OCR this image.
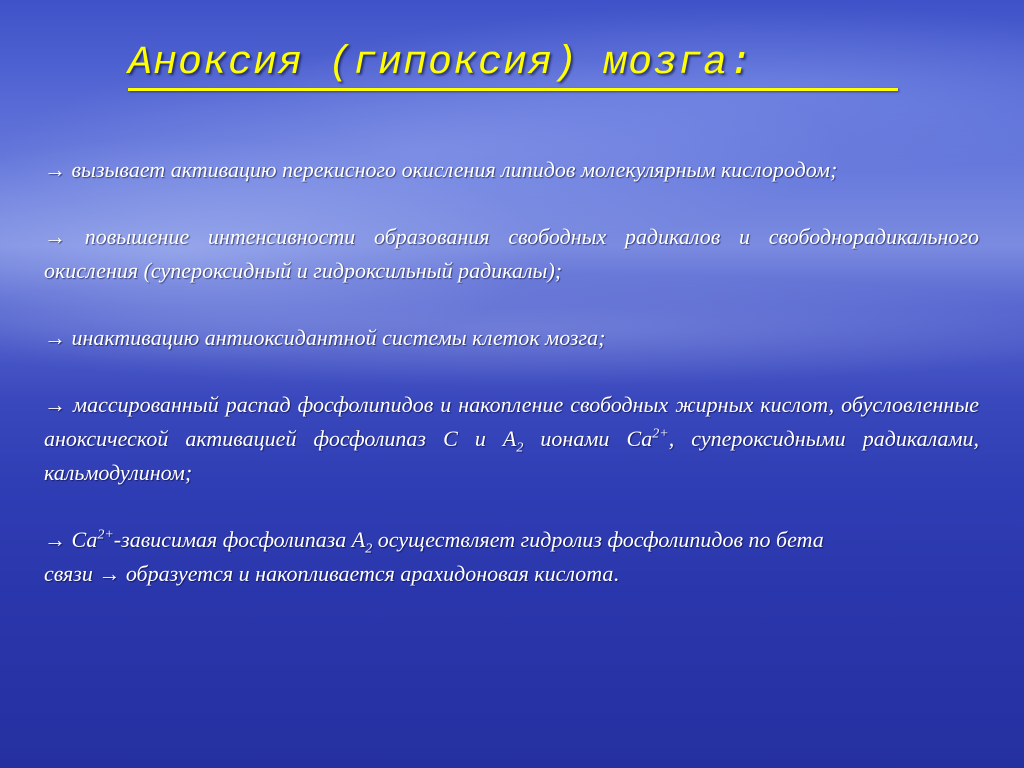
Аноксия (гипоксия) мозга:

→ вызывает активацию перекисного окисления липидов молекулярным кислородом;

→ повышение интенсивности образования свободных радикалов и свободнорадикального окисления (супероксидный и гидроксильный радикалы);

→ инактивацию антиоксидантной системы клеток мозга;

→ массированный распад фосфолипидов и накопление свободных жирных кислот, обусловленные аноксической активацией фосфолипаз С и $А_2$ ионами $Са^{2+}$, супероксидными радикалами, кальмодулином;

→ $Са^{2+}$-зависимая фосфолипаза $А_2$ осуществляет гидролиз фосфолипидов по бета связи → образуется и накопливается арахидоновая кислота.
